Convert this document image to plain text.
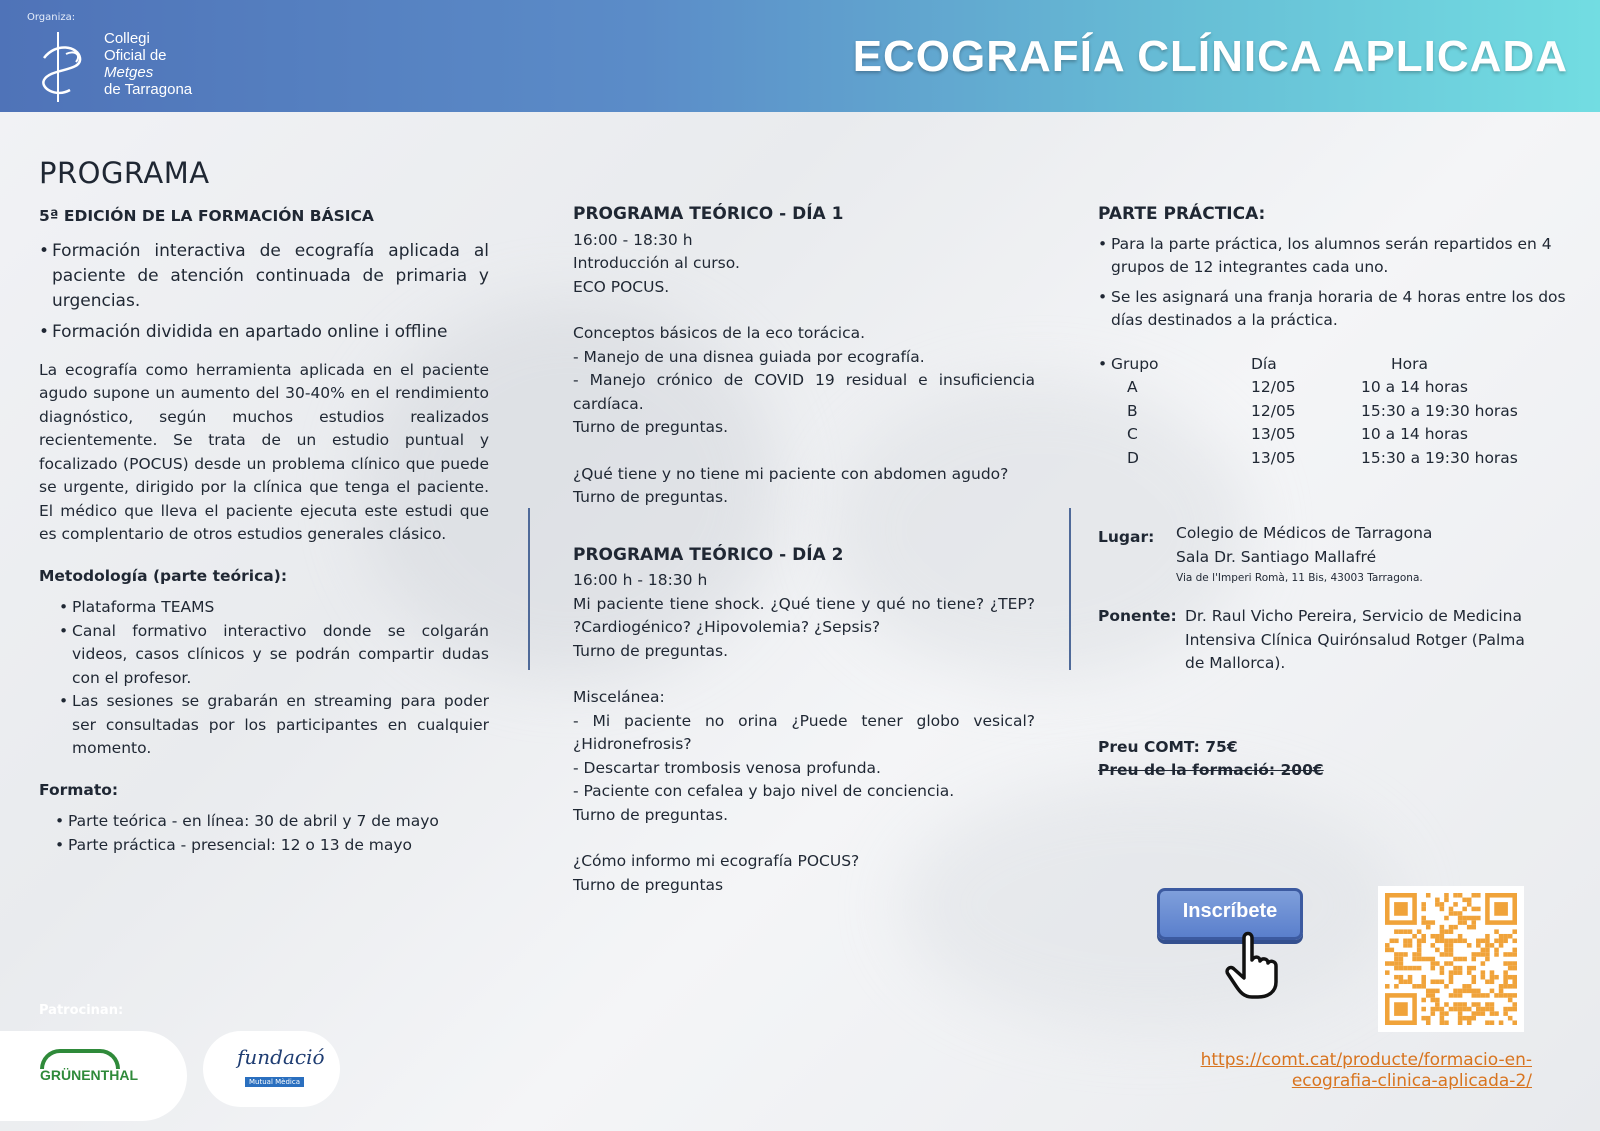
Organiza:
Collegi
Oficial de
Metges
de Tarragona
ECOGRAFÍA CLÍNICA APLICADA
PROGRAMA
5ª EDICIÓN DE LA FORMACIÓN BÁSICA
• Formación interactiva de ecografía aplicada al paciente de atención continuada de primaria y urgencias.
• Formación dividida en apartado online i offline

La ecografía como herramienta aplicada en el paciente agudo supone un aumento del 30-40% en el rendimiento diagnóstico, según muchos estudios realizados recientemente. Se trata de un estudio puntual y focalizado (POCUS) desde un problema clínico que puede se urgente, dirigido por la clínica que tenga el paciente. El médico que lleva el paciente ejecuta este estudi que es complentario de otros estudios generales clásico.

Metodología (parte teórica):
• Plataforma TEAMS
• Canal formativo interactivo donde se colgarán videos, casos clínicos y se podrán compartir dudas con el profesor.
• Las sesiones se grabarán en streaming para poder ser consultadas por los participantes en cualquier momento.
Formato:
• Parte teórica - en línea: 30 de abril y 7 de mayo
• Parte práctica - presencial: 12 o 13 de mayo
PROGRAMA TEÓRICO - DÍA 1
16:00 - 18:30 h
Introducción al curso.
ECO POCUS.
Conceptos básicos de la eco torácica.
- Manejo de una disnea guiada por ecografía.
- Manejo crónico de COVID 19 residual e insuficiencia cardíaca.
Turno de preguntas.
¿Qué tiene y no tiene mi paciente con abdomen agudo?
Turno de preguntas.
PROGRAMA TEÓRICO - DÍA 2
16:00 h - 18:30 h
Mi paciente tiene shock. ¿Qué tiene y qué no tiene? ¿TEP? ?Cardiogénico? ¿Hipovolemia? ¿Sepsis?
Turno de preguntas.
Miscelánea:
- Mi paciente no orina ¿Puede tener globo vesical? ¿Hidronefrosis?
- Descartar trombosis venosa profunda.
- Paciente con cefalea y bajo nivel de conciencia.
Turno de preguntas.
¿Cómo informo mi ecografía POCUS?
Turno de preguntas
PARTE PRÁCTICA:
• Para la parte práctica, los alumnos serán repartidos en 4 grupos de 12 integrantes cada uno.
• Se les asignará una franja horaria de 4 horas entre los dos días destinados a la práctica.
• Grupo	Día	Hora
A	12/05	10 a 14 horas
B	12/05	15:30 a 19:30 horas
C	13/05	10 a 14 horas
D	13/05	15:30 a 19:30 horas
Lugar:	Colegio de Médicos de Tarragona
Sala Dr. Santiago Mallafré
Via de l'Imperi Romà, 11 Bis, 43003 Tarragona.
Ponente: Dr. Raul Vicho Pereira, Servicio de Medicina Intensiva Clínica Quirónsalud Rotger (Palma de Mallorca).
Preu COMT: 75€
Preu de la formació: 200€
Inscríbete
https://comt.cat/producte/formacio-en-
ecografia-clinica-aplicada-2/
Patrocinan:
GRÜNENTHAL
fundació
Mutual Mèdica
